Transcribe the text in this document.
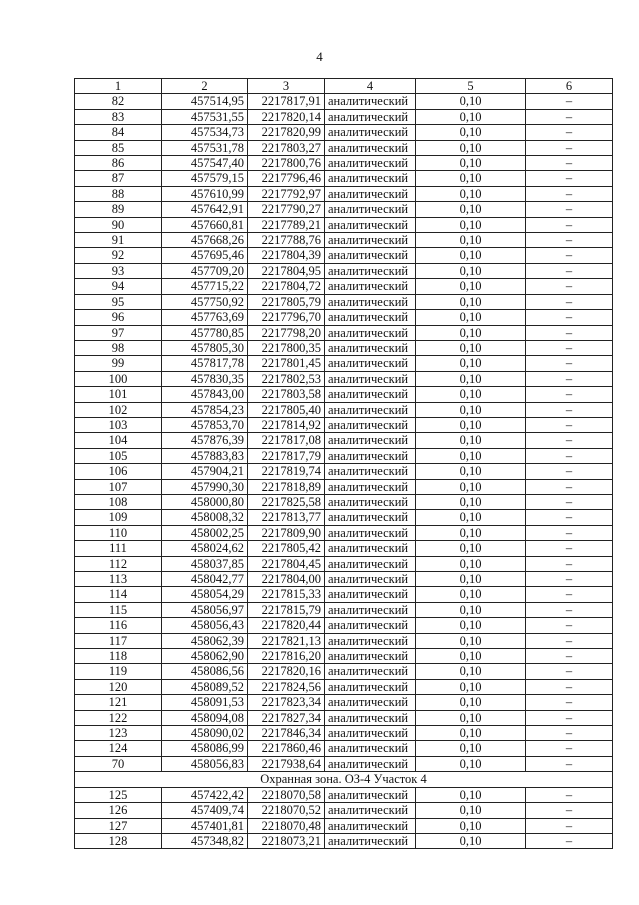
4
1	2	3	4	5	6
82	457514,95	2217817,91	аналитический	0,10	–
83	457531,55	2217820,14	аналитический	0,10	–
84	457534,73	2217820,99	аналитический	0,10	–
85	457531,78	2217803,27	аналитический	0,10	–
86	457547,40	2217800,76	аналитический	0,10	–
87	457579,15	2217796,46	аналитический	0,10	–
88	457610,99	2217792,97	аналитический	0,10	–
89	457642,91	2217790,27	аналитический	0,10	–
90	457660,81	2217789,21	аналитический	0,10	–
91	457668,26	2217788,76	аналитический	0,10	–
92	457695,46	2217804,39	аналитический	0,10	–
93	457709,20	2217804,95	аналитический	0,10	–
94	457715,22	2217804,72	аналитический	0,10	–
95	457750,92	2217805,79	аналитический	0,10	–
96	457763,69	2217796,70	аналитический	0,10	–
97	457780,85	2217798,20	аналитический	0,10	–
98	457805,30	2217800,35	аналитический	0,10	–
99	457817,78	2217801,45	аналитический	0,10	–
100	457830,35	2217802,53	аналитический	0,10	–
101	457843,00	2217803,58	аналитический	0,10	–
102	457854,23	2217805,40	аналитический	0,10	–
103	457853,70	2217814,92	аналитический	0,10	–
104	457876,39	2217817,08	аналитический	0,10	–
105	457883,83	2217817,79	аналитический	0,10	–
106	457904,21	2217819,74	аналитический	0,10	–
107	457990,30	2217818,89	аналитический	0,10	–
108	458000,80	2217825,58	аналитический	0,10	–
109	458008,32	2217813,77	аналитический	0,10	–
110	458002,25	2217809,90	аналитический	0,10	–
111	458024,62	2217805,42	аналитический	0,10	–
112	458037,85	2217804,45	аналитический	0,10	–
113	458042,77	2217804,00	аналитический	0,10	–
114	458054,29	2217815,33	аналитический	0,10	–
115	458056,97	2217815,79	аналитический	0,10	–
116	458056,43	2217820,44	аналитический	0,10	–
117	458062,39	2217821,13	аналитический	0,10	–
118	458062,90	2217816,20	аналитический	0,10	–
119	458086,56	2217820,16	аналитический	0,10	–
120	458089,52	2217824,56	аналитический	0,10	–
121	458091,53	2217823,34	аналитический	0,10	–
122	458094,08	2217827,34	аналитический	0,10	–
123	458090,02	2217846,34	аналитический	0,10	–
124	458086,99	2217860,46	аналитический	0,10	–
70	458056,83	2217938,64	аналитический	0,10	–
Охранная зона. ОЗ-4 Участок 4					
125	457422,42	2218070,58	аналитический	0,10	–
126	457409,74	2218070,52	аналитический	0,10	–
127	457401,81	2218070,48	аналитический	0,10	–
128	457348,82	2218073,21	аналитический	0,10	–
